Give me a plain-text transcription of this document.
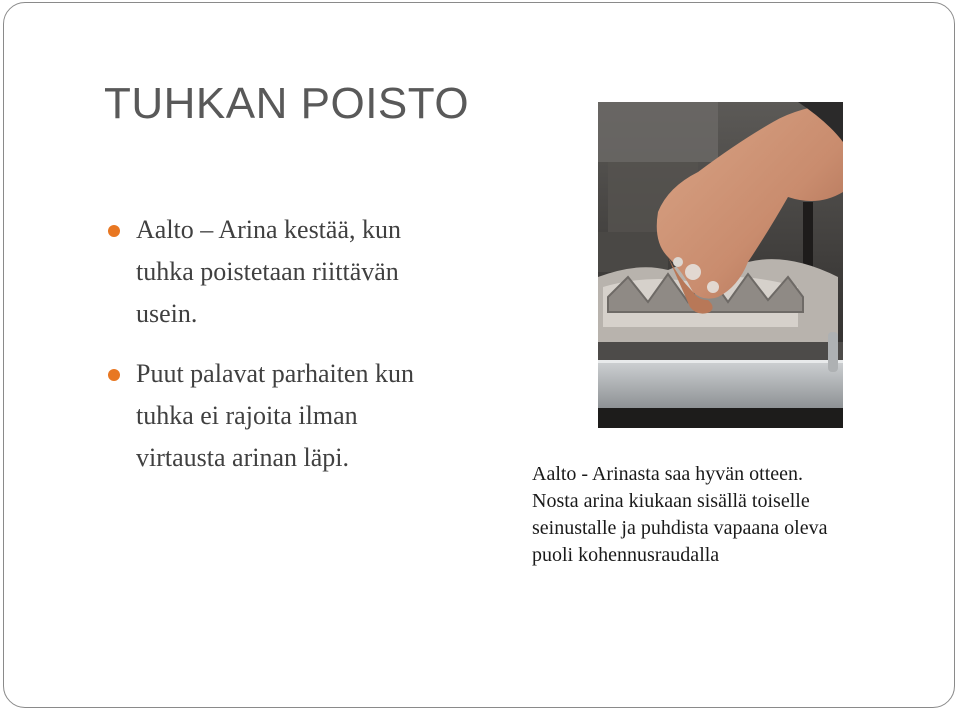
TUHKAN POISTO
Aalto – Arina kestää, kun
tuhka poistetaan riittävän
usein.
Puut palavat parhaiten kun
tuhka ei rajoita ilman
virtausta arinan läpi.

Aalto - Arinasta saa hyvän otteen.
Nosta arina kiukaan sisällä toiselle
seinustalle ja puhdista vapaana oleva
puoli kohennusraudalla
